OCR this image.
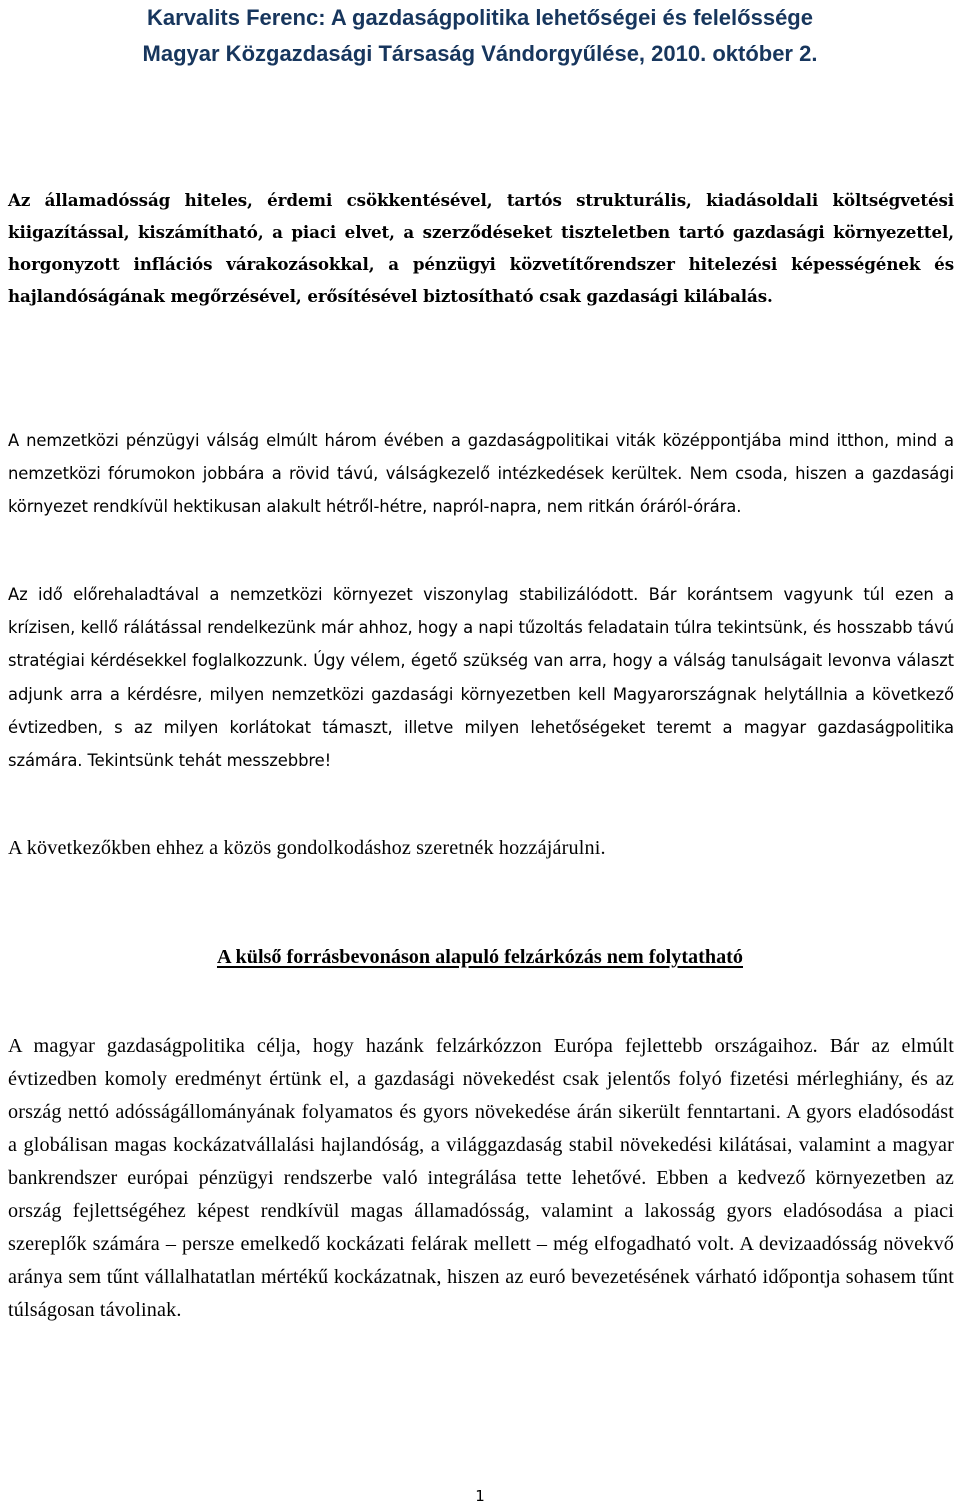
Karvalits Ferenc: A gazdaságpolitika lehetőségei és felelőssége
Magyar Közgazdasági Társaság Vándorgyűlése, 2010. október 2.
Az államadósság hiteles, érdemi csökkentésével, tartós strukturális, kiadásoldali költségvetési kiigazítással, kiszámítható, a piaci elvet, a szerződéseket tiszteletben tartó gazdasági környezettel, horgonyzott inflációs várakozásokkal, a pénzügyi közvetítőrendszer hitelezési képességének és hajlandóságának megőrzésével, erősítésével biztosítható csak gazdasági kilábalás.
A nemzetközi pénzügyi válság elmúlt három évében a gazdaságpolitikai viták középpontjába mind itthon, mind a nemzetközi fórumokon jobbára a rövid távú, válságkezelő intézkedések kerültek. Nem csoda, hiszen a gazdasági környezet rendkívül hektikusan alakult hétről-hétre, napról-napra, nem ritkán óráról-órára.
Az idő előrehaladtával a nemzetközi környezet viszonylag stabilizálódott. Bár korántsem vagyunk túl ezen a krízisen, kellő rálátással rendelkezünk már ahhoz, hogy a napi tűzoltás feladatain túlra tekintsünk, és hosszabb távú stratégiai kérdésekkel foglalkozzunk. Úgy vélem, égető szükség van arra, hogy a válság tanulságait levonva választ adjunk arra a kérdésre, milyen nemzetközi gazdasági környezetben kell Magyarországnak helytállnia a következő évtizedben, s az milyen korlátokat támaszt, illetve milyen lehetőségeket teremt a magyar gazdaságpolitika számára. Tekintsünk tehát messzebbre!
A következőkben ehhez a közös gondolkodáshoz szeretnék hozzájárulni.
A külső forrásbevonáson alapuló felzárkózás nem folytatható
A magyar gazdaságpolitika célja, hogy hazánk felzárkózzon Európa fejlettebb országaihoz. Bár az elmúlt évtizedben komoly eredményt értünk el, a gazdasági növekedést csak jelentős folyó fizetési mérleghiány, és az ország nettó adósságállományának folyamatos és gyors növekedése árán sikerült fenntartani. A gyors eladósodást a globálisan magas kockázatvállalási hajlandóság, a világgazdaság stabil növekedési kilátásai, valamint a magyar bankrendszer európai pénzügyi rendszerbe való integrálása tette lehetővé. Ebben a kedvező környezetben az ország fejlettségéhez képest rendkívül magas államadósság, valamint a lakosság gyors eladósodása a piaci szereplők számára – persze emelkedő kockázati felárak mellett – még elfogadható volt. A devizaadósság növekvő aránya sem tűnt vállalhatatlan mértékű kockázatnak, hiszen az euró bevezetésének várható időpontja sohasem tűnt túlságosan távolinak.
1
